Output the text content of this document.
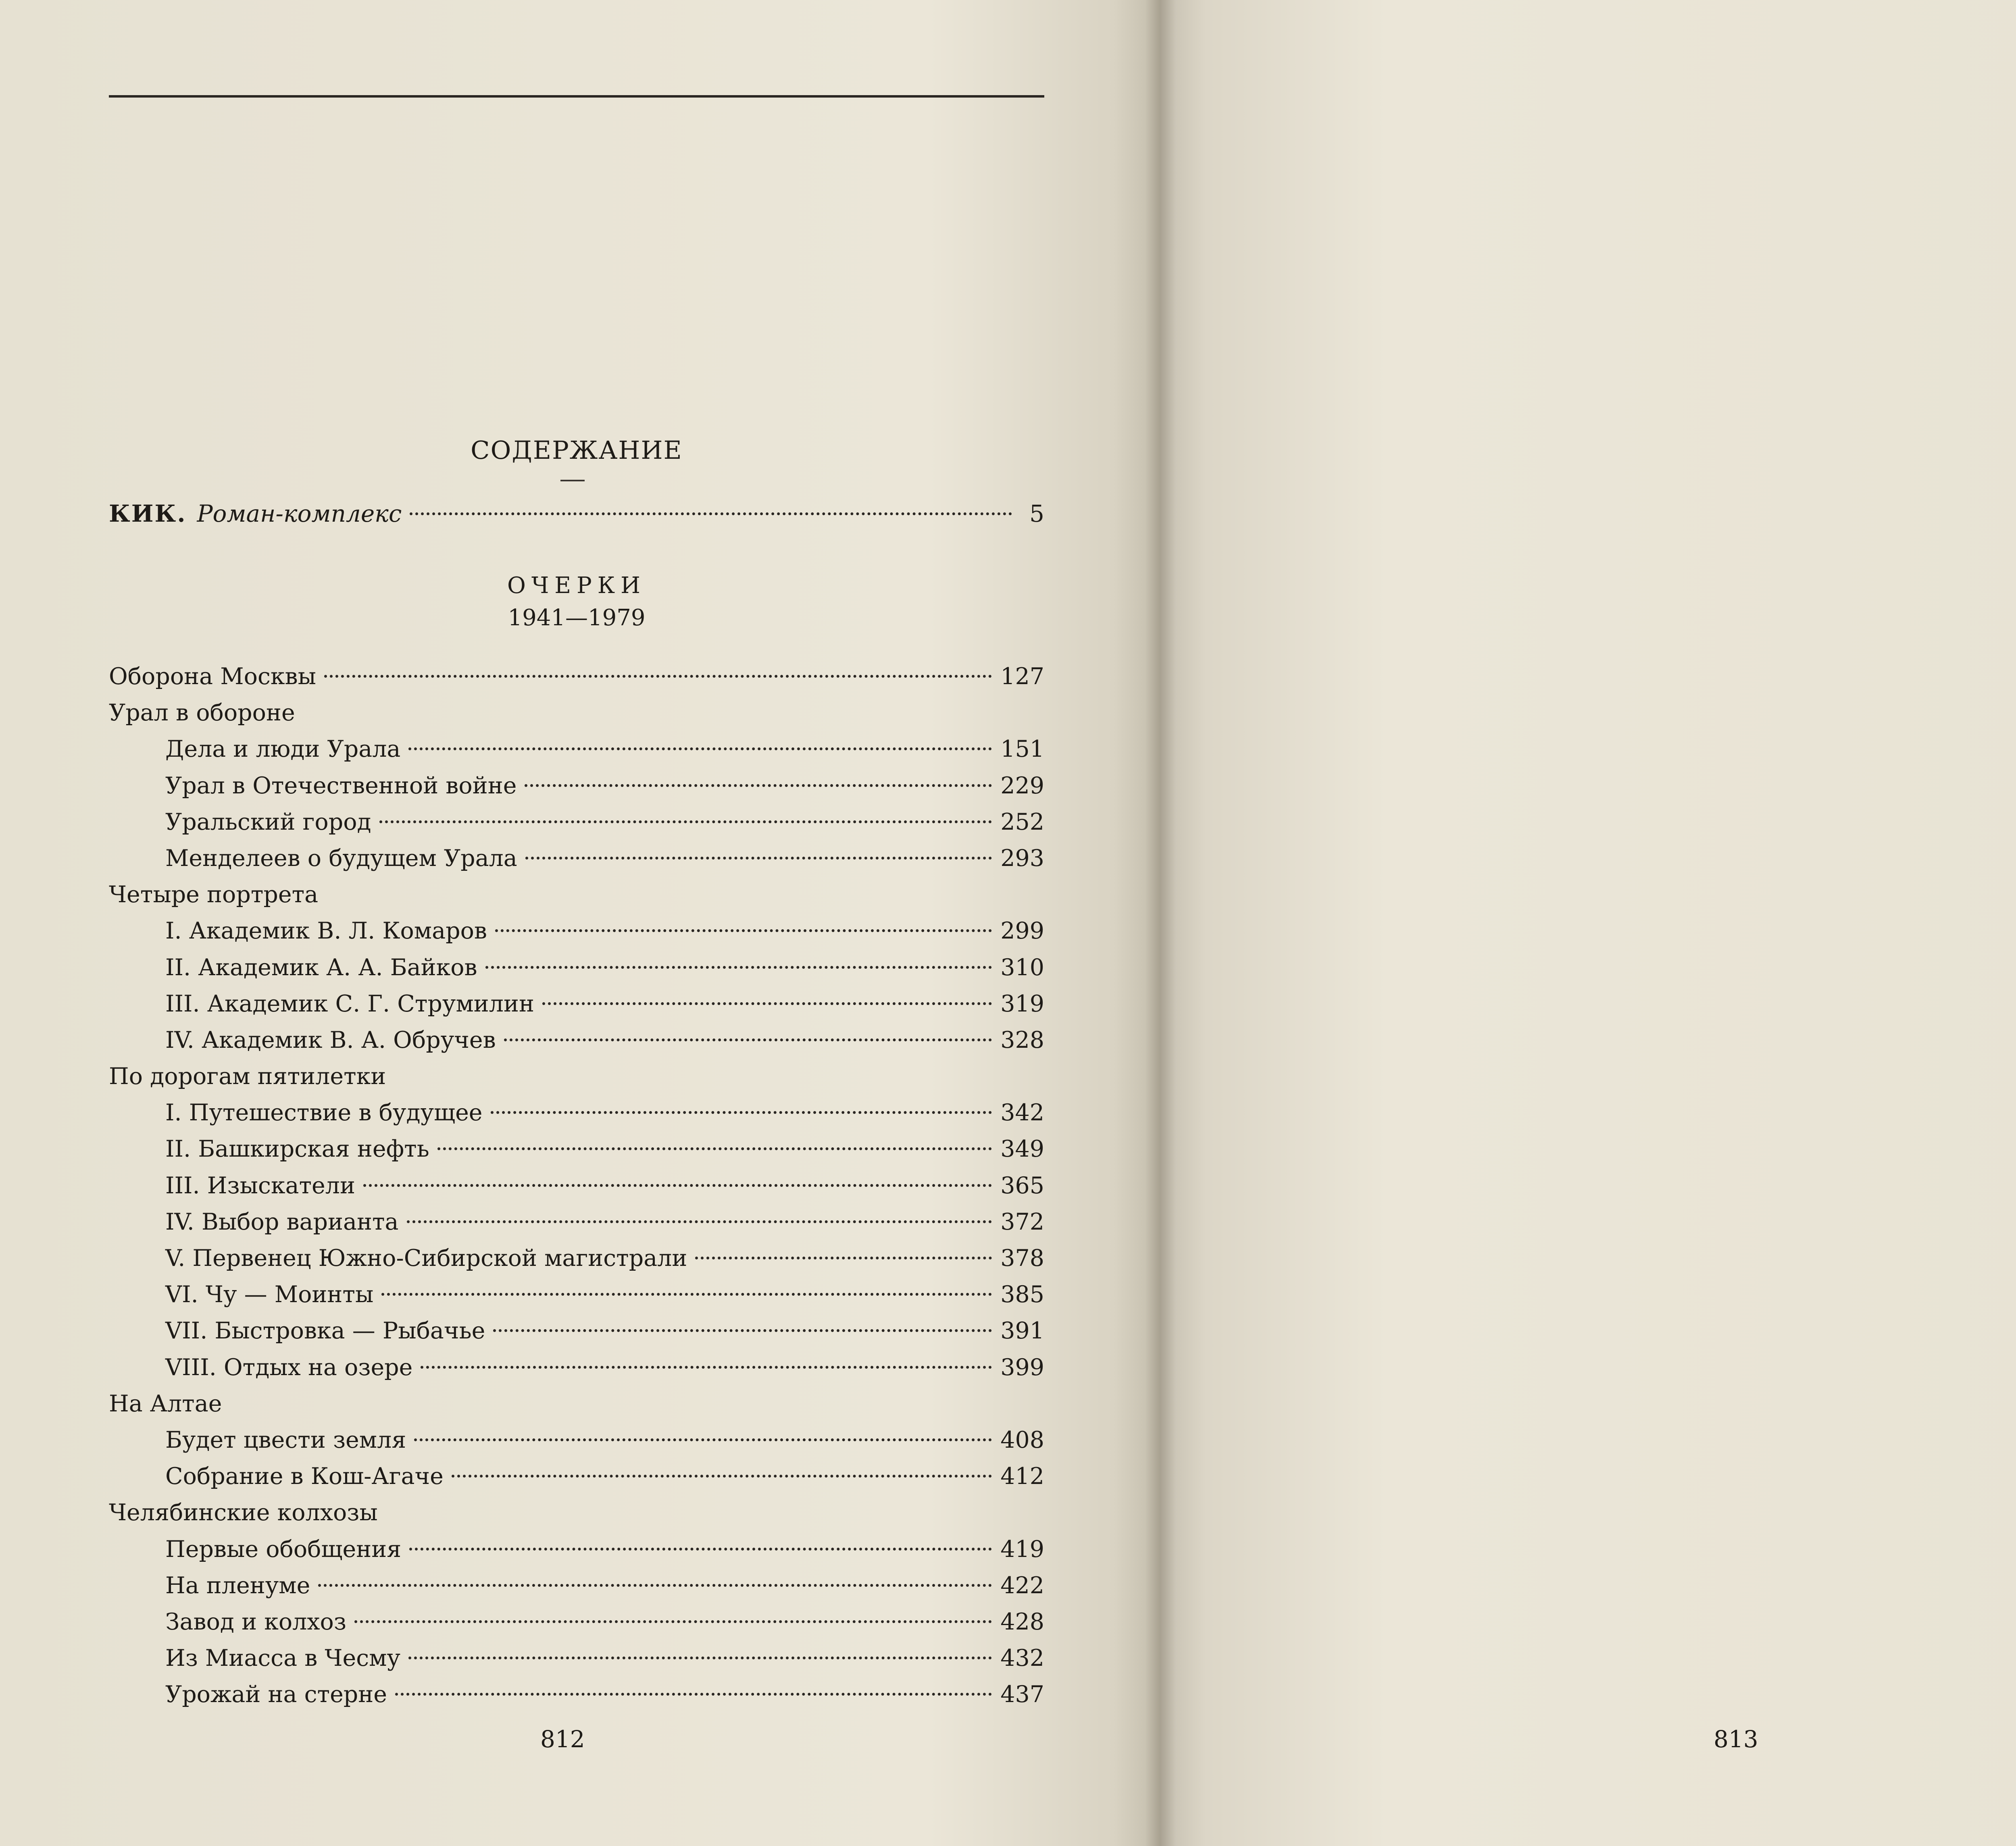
СОДЕРЖАНИЕ
КИК. Роман-комплекс	5
ОЧЕРКИ
1941—1979
Оборона Москвы	127
Урал в обороне
Дела и люди Урала	151
Урал в Отечественной войне	229
Уральский город	252
Менделеев о будущем Урала	293
Четыре портрета
I. Академик В. Л. Комаров	299
II. Академик А. А. Байков	310
III. Академик С. Г. Струмилин	319
IV. Академик В. А. Обручев	328
По дорогам пятилетки
I. Путешествие в будущее	342
II. Башкирская нефть	349
III. Изыскатели	365
IV. Выбор варианта	372
V. Первенец Южно-Сибирской магистрали	378
VI. Чу — Моинты	385
VII. Быстровка — Рыбачье	391
VIII. Отдых на озере	399
На Алтае
Будет цвести земля	408
Собрание в Кош-Агаче	412
Челябинские колхозы
Первые обобщения	419
На пленуме	422
Завод и колхоз	428
Из Миасса в Чесму	432
Урожай на стерне	437
812	813
